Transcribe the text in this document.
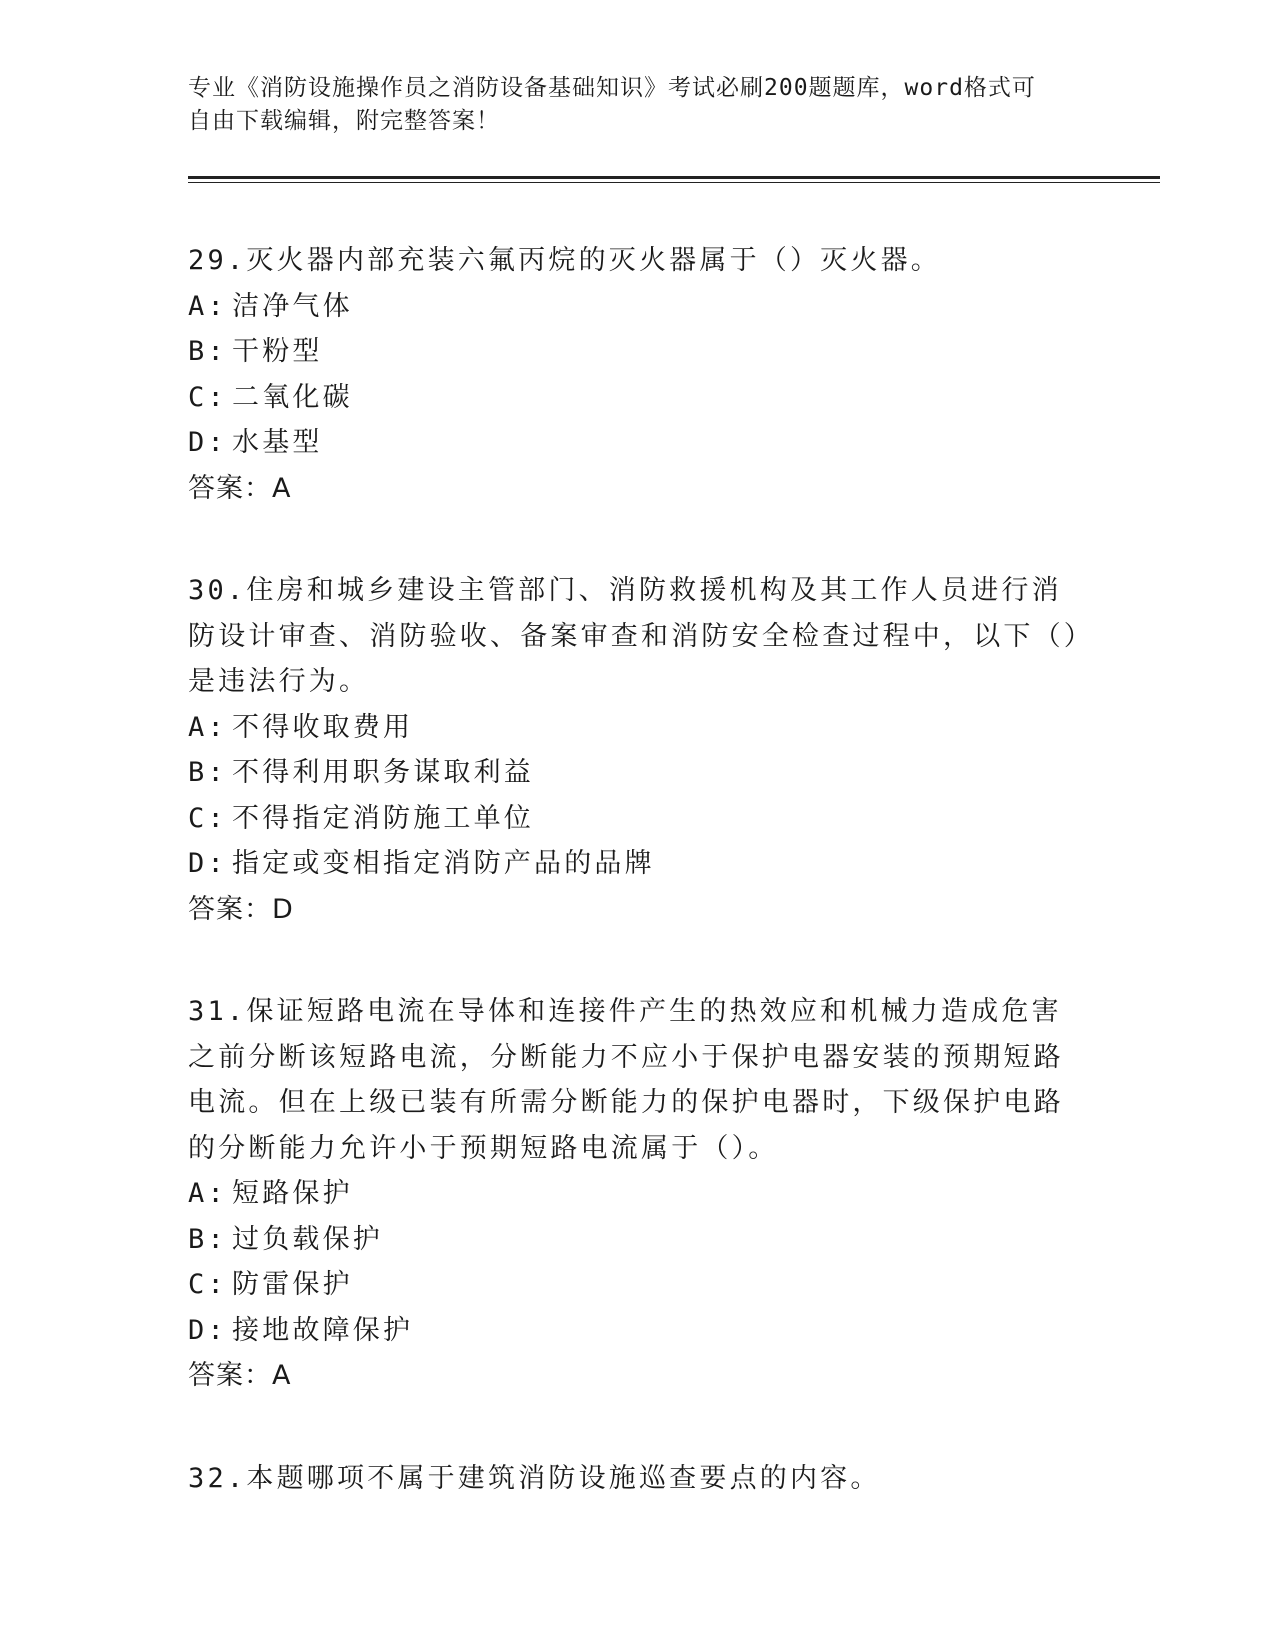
专业《消防设施操作员之消防设备基础知识》考试必刷200题题库，word格式可
自由下载编辑，附完整答案！

29.灭火器内部充装六氟丙烷的灭火器属于（）灭火器。

A: 洁净气体

B: 干粉型

C: 二氧化碳

D: 水基型

答案：A

30.住房和城乡建设主管部门、消防救援机构及其工作人员进行消防设计审查、消防验收、备案审查和消防安全检查过程中，以下（）是违法行为。

A: 不得收取费用

B: 不得利用职务谋取利益

C: 不得指定消防施工单位

D: 指定或变相指定消防产品的品牌

答案：D

31.保证短路电流在导体和连接件产生的热效应和机械力造成危害之前分断该短路电流，分断能力不应小于保护电器安装的预期短路电流。但在上级已装有所需分断能力的保护电器时，下级保护电路的分断能力允许小于预期短路电流属于（）。

A: 短路保护

B: 过负载保护

C: 防雷保护

D: 接地故障保护

答案：A

32.本题哪项不属于建筑消防设施巡查要点的内容。
